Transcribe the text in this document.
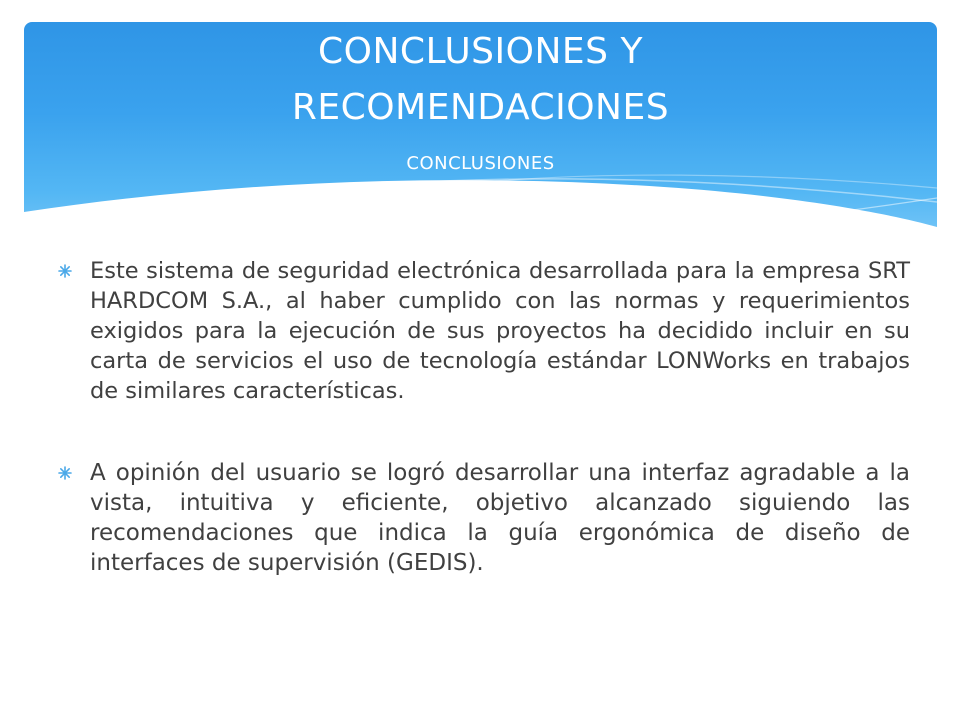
CONCLUSIONES Y
RECOMENDACIONES

CONCLUSIONES

Este sistema de seguridad electrónica desarrollada para la empresa SRT HARDCOM S.A., al haber cumplido con las normas y requerimientos exigidos para la ejecución de sus proyectos ha decidido incluir en su carta de servicios el uso de tecnología estándar LONWorks en trabajos de similares características.

A opinión del usuario se logró desarrollar una interfaz agradable a la vista, intuitiva y eficiente, objetivo alcanzado siguiendo las recomendaciones que indica la guía ergonómica de diseño de interfaces de supervisión (GEDIS).
